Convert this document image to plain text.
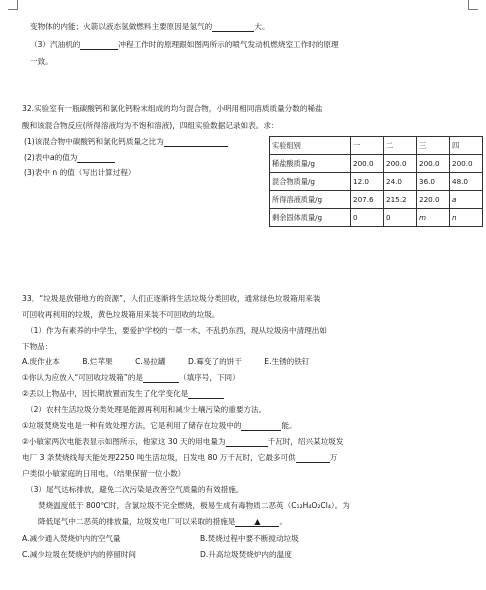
变物体的内能；火箭以液态氢做燃料主要原因是氢气的	大。
（3）汽油机的	冲程工作时的原理跟如图两所示的喷气发动机燃烧室工作时的原理
一致。
32.实验室有一瓶碳酸钙和氯化钙粉末组成的均匀混合物，小明用相同溶质质量分数的稀盐
酸和该混合物反应(所得溶液均为不饱和溶液)，四组实验数据记录如表。求：
(1)该混合物中碳酸钙和氯化钙质量之比为
(2)表中a的值为
(3)表中 n 的值（写出计算过程）
实验组别	一	二	三	四
稀盐酸质量/g	200.0	200.0	200.0	200.0
混合物质量/g	12.0	24.0	36.0	48.0
所得溶液质量/g	207.6	215.2	220.0	a
剩余固体质量/g	0	0	m	n
33．“垃圾是放错地方的资源”，人们正逐渐将生活垃圾分类回收，通常绿色垃圾箱用来装
可回收再利用的垃圾，黄色垃圾箱用来装不可回收的垃圾。
（1）作为有素养的中学生，要爱护学校的一草一木，不乱扔东西，现从垃圾房中清理出如
下物品：
A.废作业本	B.烂苹果	C.易拉罐	D.霉变了的饼干	E.生锈的铁钉
①你认为应放入“可回收垃圾箱”的是	（填序号，下同）
②丢以上物品中，因长期放置而发生了化学变化是
（2）农村生活垃圾分类处理是能源再利用和减少土壤污染的重要方法。
①垃圾焚烧发电是一种有效处理方法，它是利用了储存在垃圾中的	能。
②小敏家两次电能表显示如图所示，他家这 30 天的用电量为	千瓦时，绍兴某垃圾发
电厂 3 条焚烧线每天能处理2250 吨生活垃圾，日发电 80 万千瓦时，它最多可供	万
户类似小敏家庭的日用电。（结果保留一位小数）
（3）尾气达标排放，避免二次污染是改善空气质量的有效措施。
焚烧温度低于 800℃时，含氯垃圾不完全燃烧，极易生成有毒物质二恶英（C₁₂H₄O₂Cl₄）。为
降低尾气中二恶英的排放量，垃圾发电厂可以采取的措施是 ▲ 。
A.减少通入焚烧炉内的空气量	B.焚烧过程中要不断搅动垃圾
C.减少垃圾在焚烧炉内的停留时间	D.升高垃圾焚烧炉内的温度
